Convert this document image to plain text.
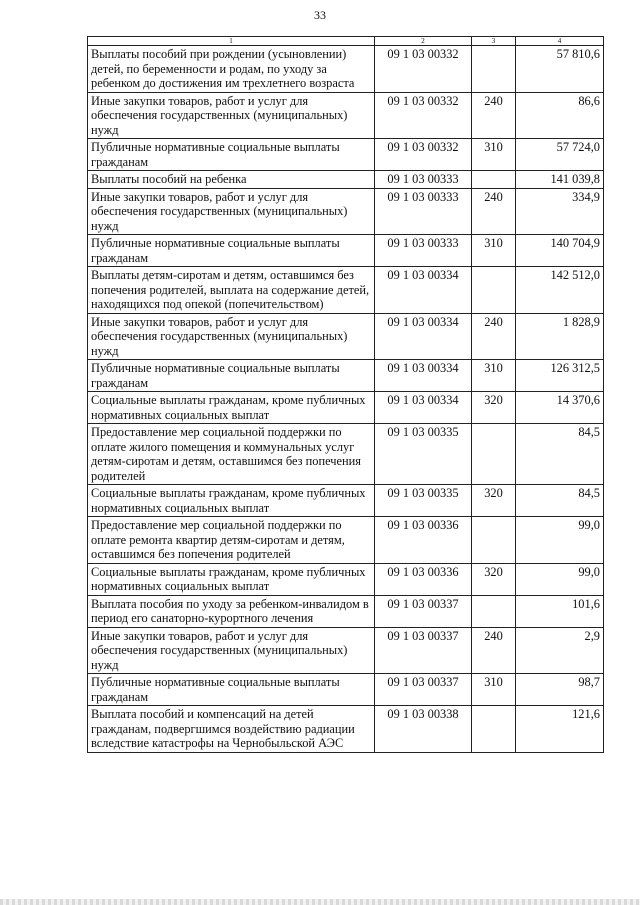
33
1	2	3	4
Выплаты пособий при рождении (усыновлении) детей, по беременности и родам, по уходу за ребенком до достижения им трехлетнего возраста	09 1 03 00332		57 810,6
Иные закупки товаров, работ и услуг для обеспечения государственных (муниципальных) нужд	09 1 03 00332	240	86,6
Публичные нормативные социальные выплаты гражданам	09 1 03 00332	310	57 724,0
Выплаты пособий на ребенка	09 1 03 00333		141 039,8
Иные закупки товаров, работ и услуг для обеспечения государственных (муниципальных) нужд	09 1 03 00333	240	334,9
Публичные нормативные социальные выплаты гражданам	09 1 03 00333	310	140 704,9
Выплаты детям-сиротам и детям, оставшимся без попечения родителей, выплата на содержание детей, находящихся под опекой (попечительством)	09 1 03 00334		142 512,0
Иные закупки товаров, работ и услуг для обеспечения государственных (муниципальных) нужд	09 1 03 00334	240	1 828,9
Публичные нормативные социальные выплаты гражданам	09 1 03 00334	310	126 312,5
Социальные выплаты гражданам, кроме публичных нормативных социальных выплат	09 1 03 00334	320	14 370,6
Предоставление мер социальной поддержки по оплате жилого помещения и коммунальных услуг детям-сиротам и детям, оставшимся без попечения родителей	09 1 03 00335		84,5
Социальные выплаты гражданам, кроме публичных нормативных социальных выплат	09 1 03 00335	320	84,5
Предоставление мер социальной поддержки по оплате ремонта квартир детям-сиротам и детям, оставшимся без попечения родителей	09 1 03 00336		99,0
Социальные выплаты гражданам, кроме публичных нормативных социальных выплат	09 1 03 00336	320	99,0
Выплата пособия по уходу за ребенком-инвалидом в период его санаторно-курортного лечения	09 1 03 00337		101,6
Иные закупки товаров, работ и услуг для обеспечения государственных (муниципальных) нужд	09 1 03 00337	240	2,9
Публичные нормативные социальные выплаты гражданам	09 1 03 00337	310	98,7
Выплата пособий и компенсаций на детей гражданам, подвергшимся воздействию радиации вследствие катастрофы на Чернобыльской АЭС	09 1 03 00338		121,6
